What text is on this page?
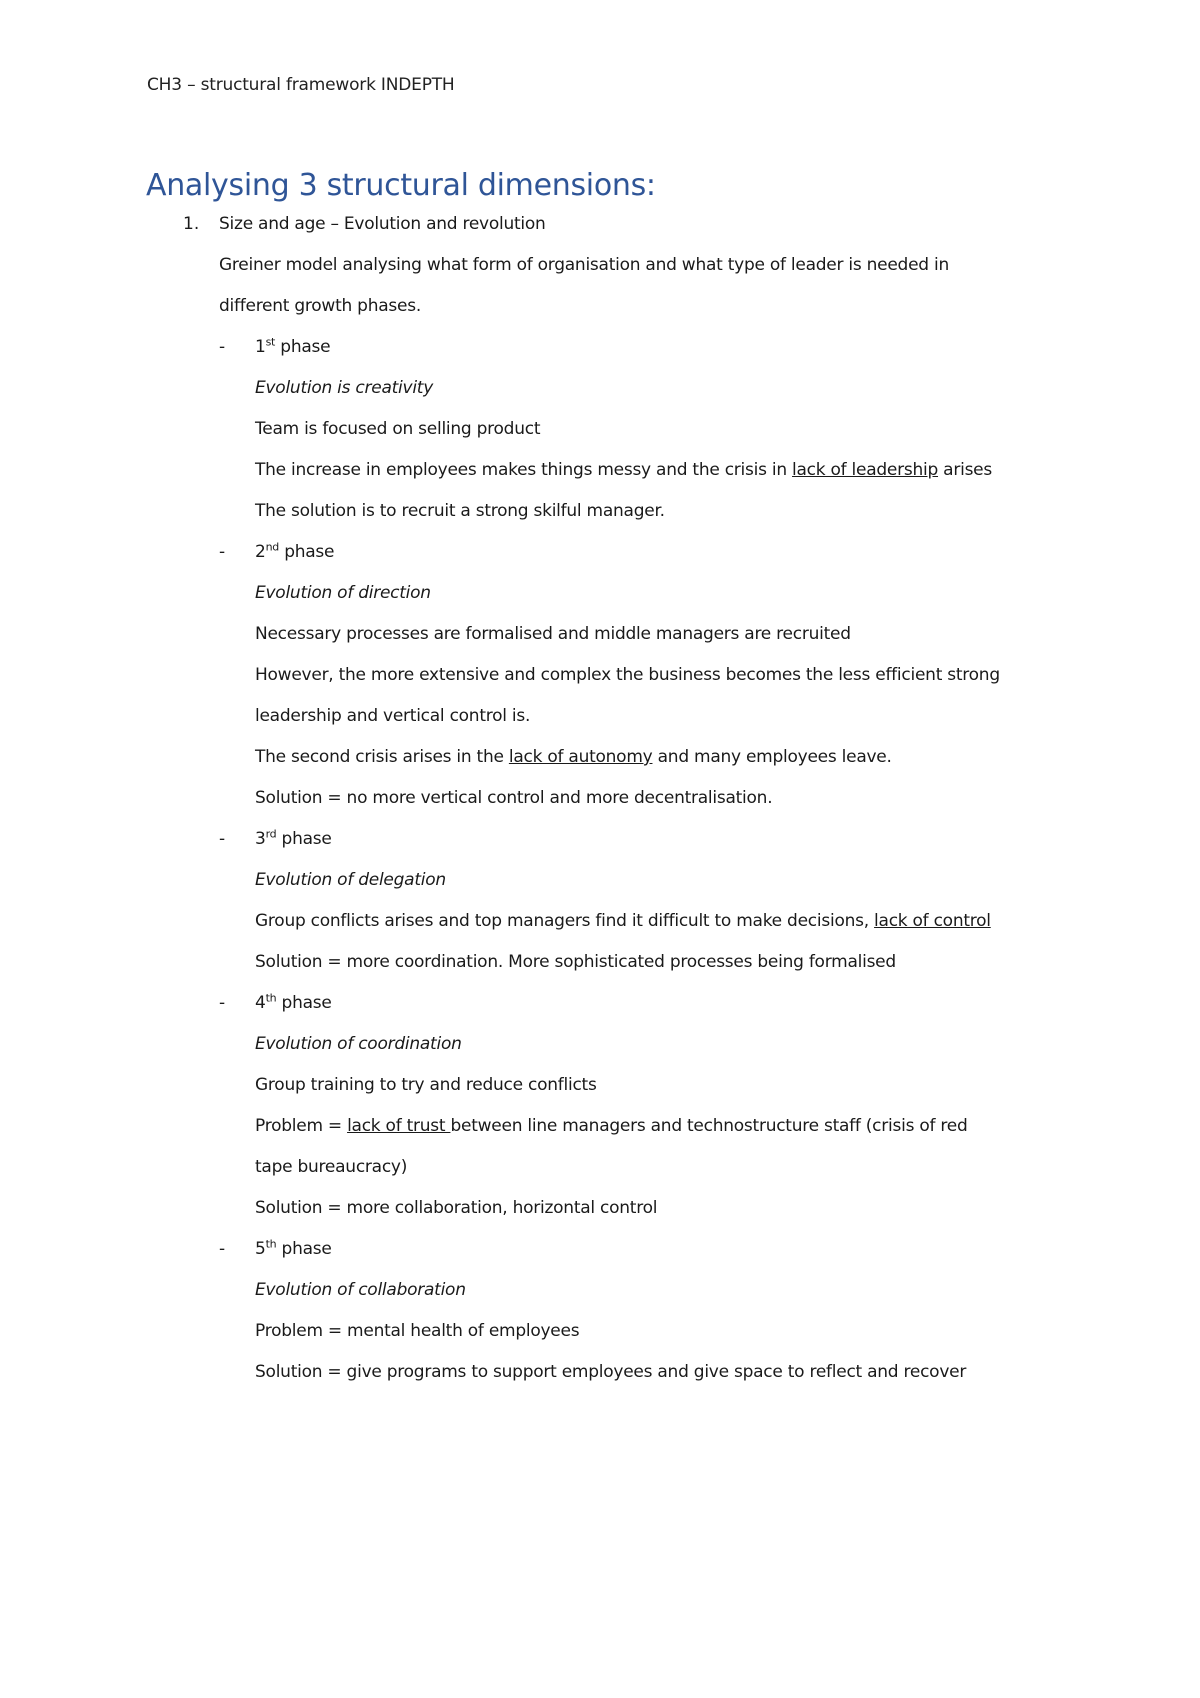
CH3 – structural framework INDEPTH
Analysing 3 structural dimensions:
1. Size and age – Evolution and revolution
Greiner model analysing what form of organisation and what type of leader is needed in
different growth phases.
- 1st phase
Evolution is creativity
Team is focused on selling product
The increase in employees makes things messy and the crisis in lack of leadership arises
The solution is to recruit a strong skilful manager.
- 2nd phase
Evolution of direction
Necessary processes are formalised and middle managers are recruited
However, the more extensive and complex the business becomes the less efficient strong
leadership and vertical control is.
The second crisis arises in the lack of autonomy and many employees leave.
Solution = no more vertical control and more decentralisation.
- 3rd phase
Evolution of delegation
Group conflicts arises and top managers find it difficult to make decisions, lack of control
Solution = more coordination. More sophisticated processes being formalised
- 4th phase
Evolution of coordination
Group training to try and reduce conflicts
Problem = lack of trust between line managers and technostructure staff (crisis of red
tape bureaucracy)
Solution = more collaboration, horizontal control
- 5th phase
Evolution of collaboration
Problem = mental health of employees
Solution = give programs to support employees and give space to reflect and recover
